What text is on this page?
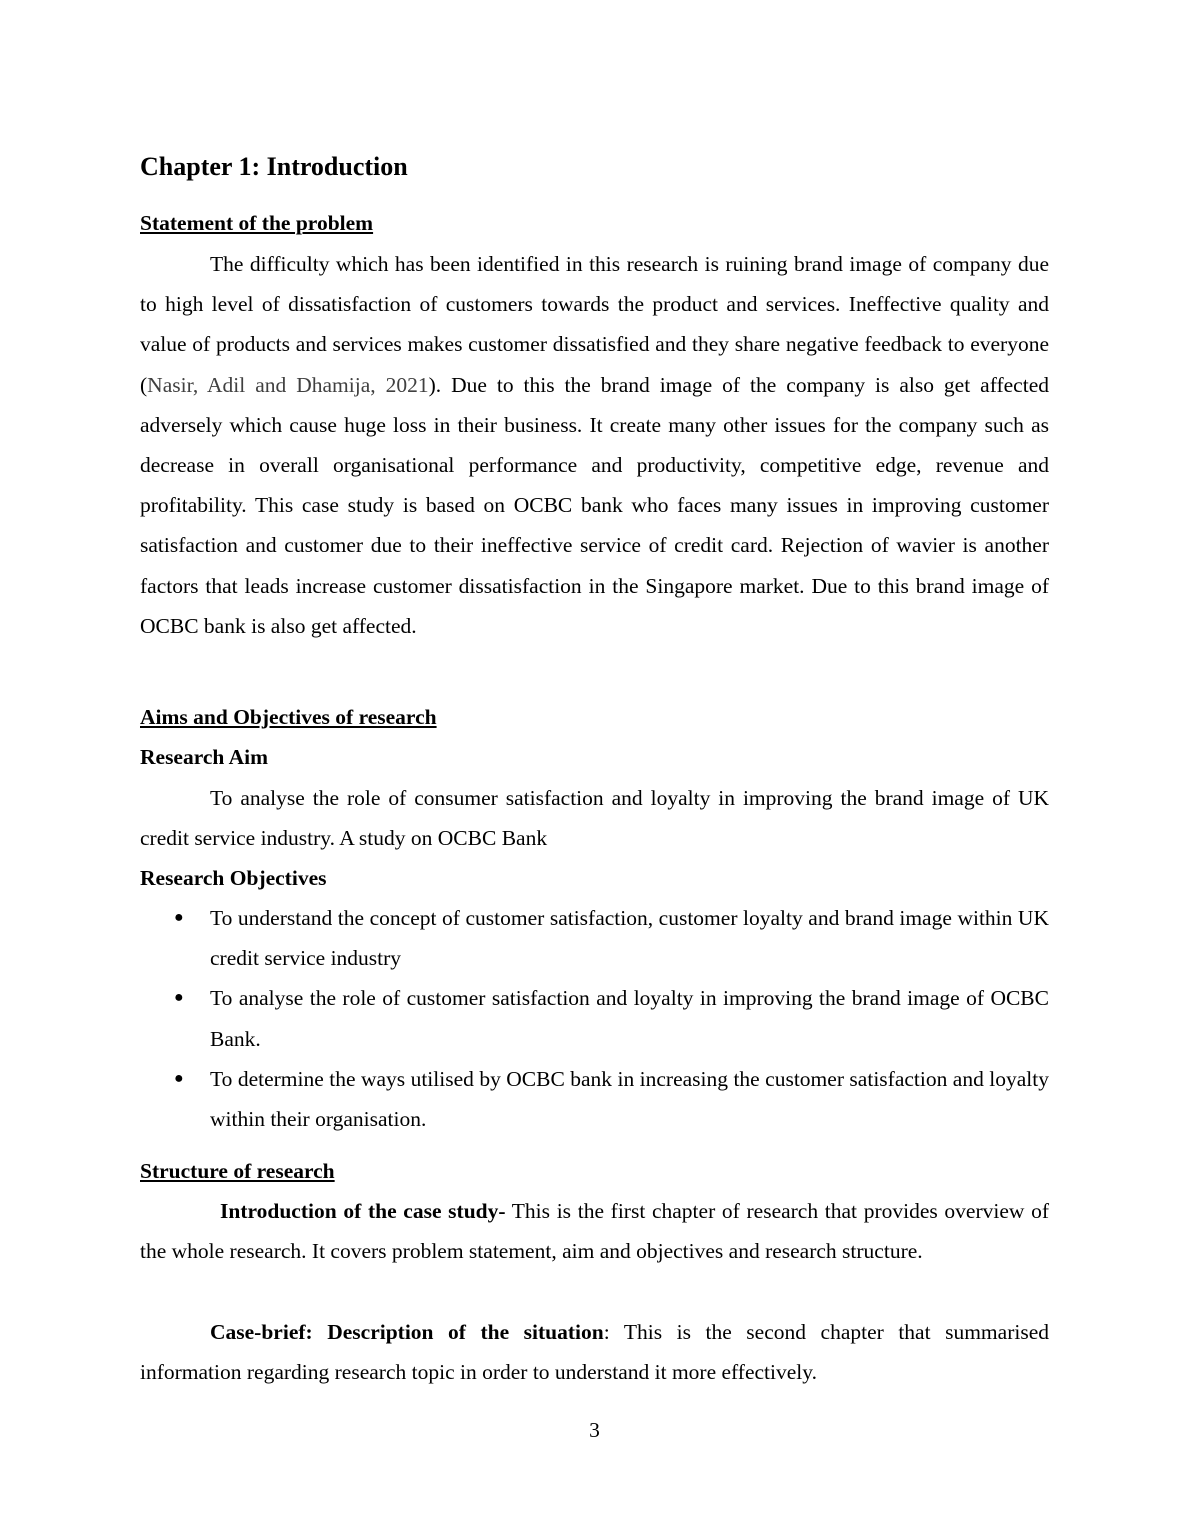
Chapter 1: Introduction
Statement of the problem

The difficulty which has been identified in this research is ruining brand image of company due to high level of dissatisfaction of customers towards the product and services. Ineffective quality and value of products and services makes customer dissatisfied and they share negative feedback to everyone (Nasir, Adil and Dhamija, 2021). Due to this the brand image of the company is also get affected adversely which cause huge loss in their business. It create many other issues for the company such as decrease in overall organisational performance and productivity, competitive edge, revenue and profitability. This case study is based on OCBC bank who faces many issues in improving customer satisfaction and customer due to their ineffective service of credit card. Rejection of wavier is another factors that leads increase customer dissatisfaction in the Singapore market. Due to this brand image of OCBC bank is also get affected.

Aims and Objectives of research
Research Aim

To analyse the role of consumer satisfaction and loyalty in improving the brand image of UK credit service industry. A study on OCBC Bank

Research Objectives
● To understand the concept of customer satisfaction, customer loyalty and brand image within UK credit service industry
● To analyse the role of customer satisfaction and loyalty in improving the brand image of OCBC Bank.
● To determine the ways utilised by OCBC bank in increasing the customer satisfaction and loyalty within their organisation.
Structure of research

Introduction of the case study- This is the first chapter of research that provides overview of the whole research. It covers problem statement, aim and objectives and research structure.

Case-brief: Description of the situation: This is the second chapter that summarised information regarding research topic in order to understand it more effectively.

3
